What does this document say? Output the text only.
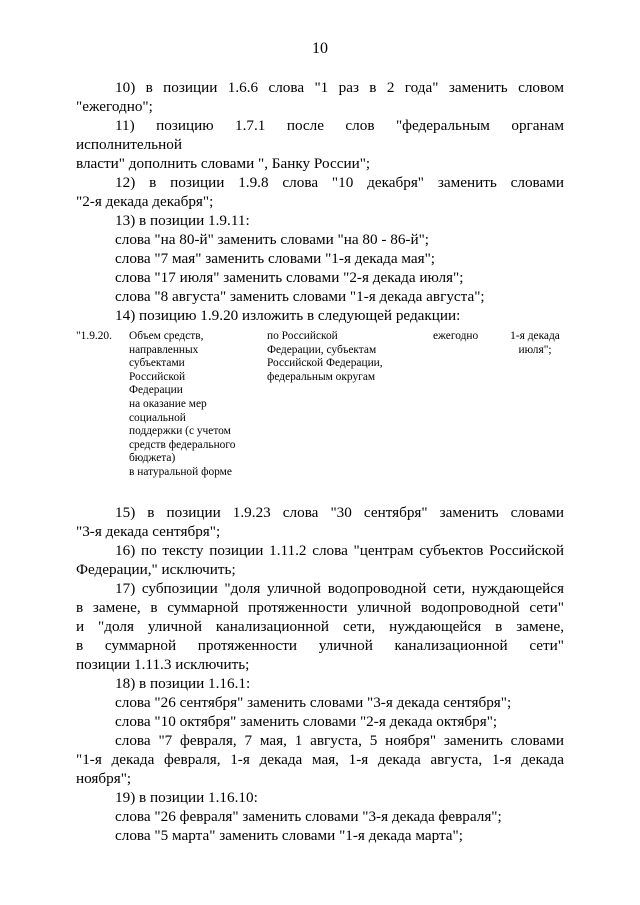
10

10) в позиции 1.6.6 слова "1 раз в 2 года" заменить словом

"ежегодно";

11) позицию 1.7.1 после слов "федеральным органам исполнительной

власти" дополнить словами ", Банку России";

12) в позиции 1.9.8 слова "10 декабря" заменить словами

"2-я декада декабря";

13) в позиции 1.9.11:

слова "на 80-й" заменить словами "на 80 - 86-й";

слова "7 мая" заменить словами "1-я декада мая";

слова "17 июля" заменить словами "2-я декада июля";

слова "8 августа" заменить словами "1-я декада августа";

14) позицию 1.9.20 изложить в следующей редакции:

"1.9.20.	Объем средств,
направленных
субъектами
Российской
Федерации
на оказание мер
социальной
поддержки (с учетом
средств федерального
бюджета)
в натуральной форме
по Российской
Федерации, субъектам
Российской Федерации,
федеральным округам
ежегодно	1-я декада
июля";

15) в позиции 1.9.23 слова "30 сентября" заменить словами

"3-я декада сентября";

16) по тексту позиции 1.11.2 слова "центрам субъектов Российской

Федерации," исключить;

17) субпозиции "доля уличной водопроводной сети, нуждающейся

в замене, в суммарной протяженности уличной водопроводной сети"

и "доля уличной канализационной сети, нуждающейся в замене,

в суммарной протяженности уличной канализационной сети"

позиции 1.11.3 исключить;

18) в позиции 1.16.1:

слова "26 сентября" заменить словами "3-я декада сентября";

слова "10 октября" заменить словами "2-я декада октября";

слова "7 февраля, 7 мая, 1 августа, 5 ноября" заменить словами

"1-я декада февраля, 1-я декада мая, 1-я декада августа, 1-я декада ноября";

19) в позиции 1.16.10:

слова "26 февраля" заменить словами "3-я декада февраля";

слова "5 марта" заменить словами "1-я декада марта";
